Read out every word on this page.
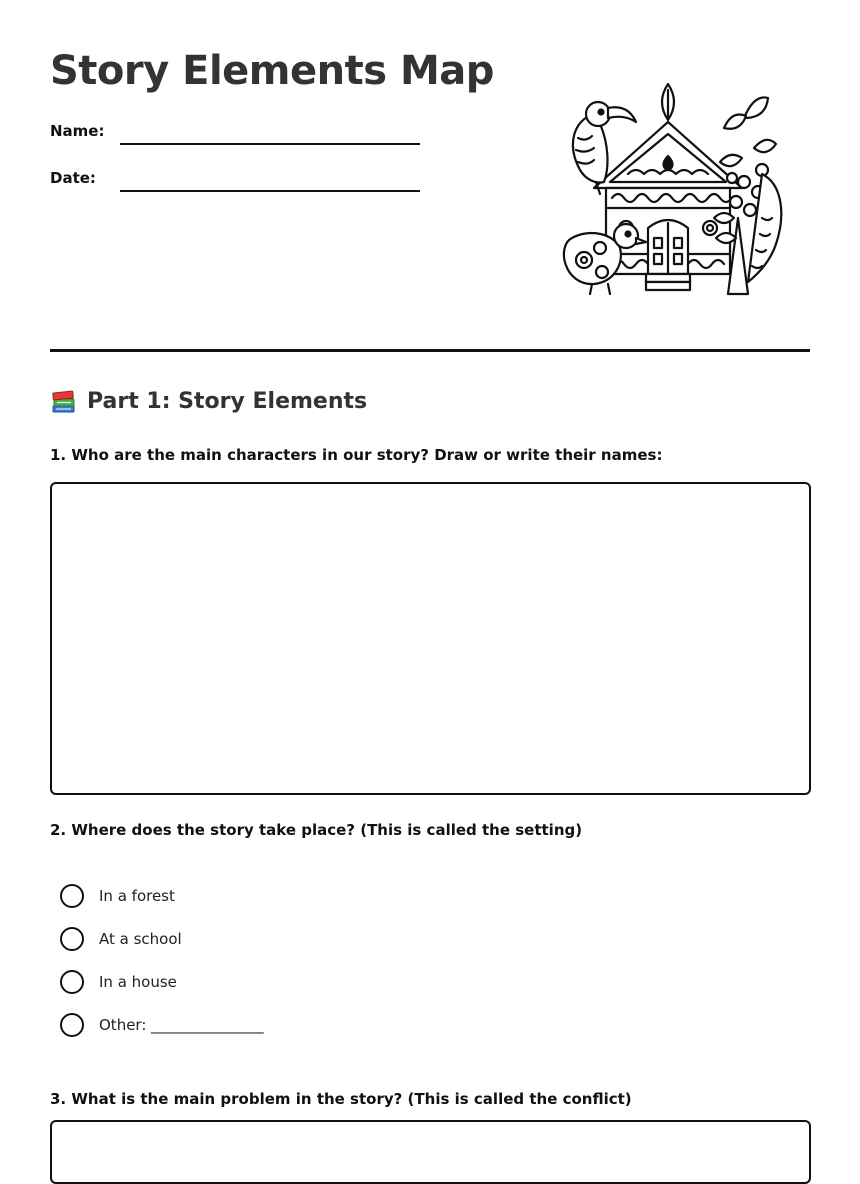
Story Elements Map
Name:
Date:
Part 1: Story Elements
1. Who are the main characters in our story? Draw or write their names:
2. Where does the story take place? (This is called the setting)
In a forest
At a school
In a house
Other: _______________
3. What is the main problem in the story? (This is called the conflict)
